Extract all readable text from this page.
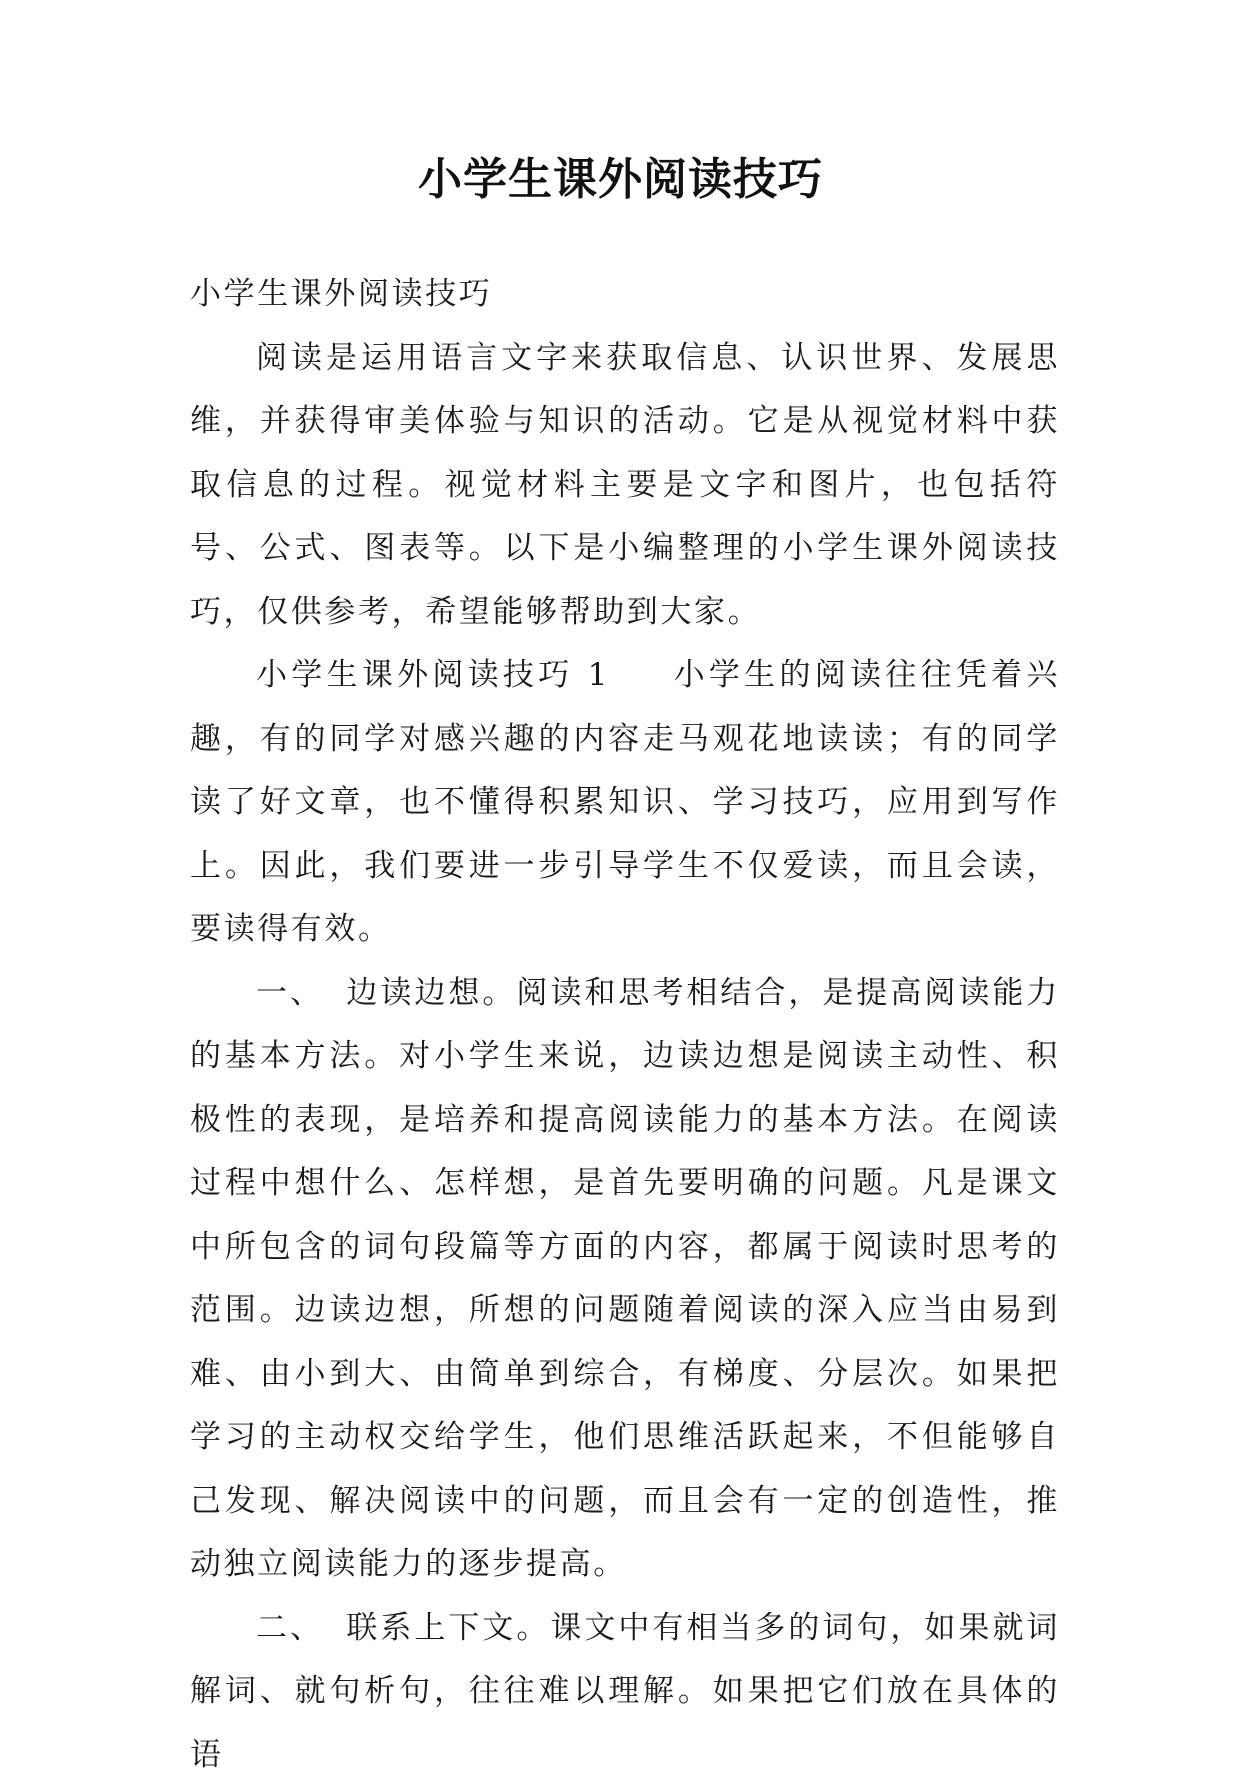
小学生课外阅读技巧

小学生课外阅读技巧

阅读是运用语言文字来获取信息、认识世界、发展思维，并获得审美体验与知识的活动。它是从视觉材料中获取信息的过程。视觉材料主要是文字和图片，也包括符号、公式、图表等。以下是小编整理的小学生课外阅读技巧，仅供参考，希望能够帮助到大家。

小学生课外阅读技巧 1 小学生的阅读往往凭着兴趣，有的同学对感兴趣的内容走马观花地读读；有的同学读了好文章，也不懂得积累知识、学习技巧，应用到写作上。因此，我们要进一步引导学生不仅爱读，而且会读，要读得有效。

一、 边读边想。阅读和思考相结合，是提高阅读能力的基本方法。对小学生来说，边读边想是阅读主动性、积极性的表现，是培养和提高阅读能力的基本方法。在阅读过程中想什么、怎样想，是首先要明确的问题。凡是课文中所包含的词句段篇等方面的内容，都属于阅读时思考的范围。边读边想，所想的问题随着阅读的深入应当由易到难、由小到大、由简单到综合，有梯度、分层次。如果把学习的主动权交给学生，他们思维活跃起来，不但能够自己发现、解决阅读中的问题，而且会有一定的创造性，推动独立阅读能力的逐步提高。

二、 联系上下文。课文中有相当多的词句，如果就词解词、就句析句，往往难以理解。如果把它们放在具体的语
